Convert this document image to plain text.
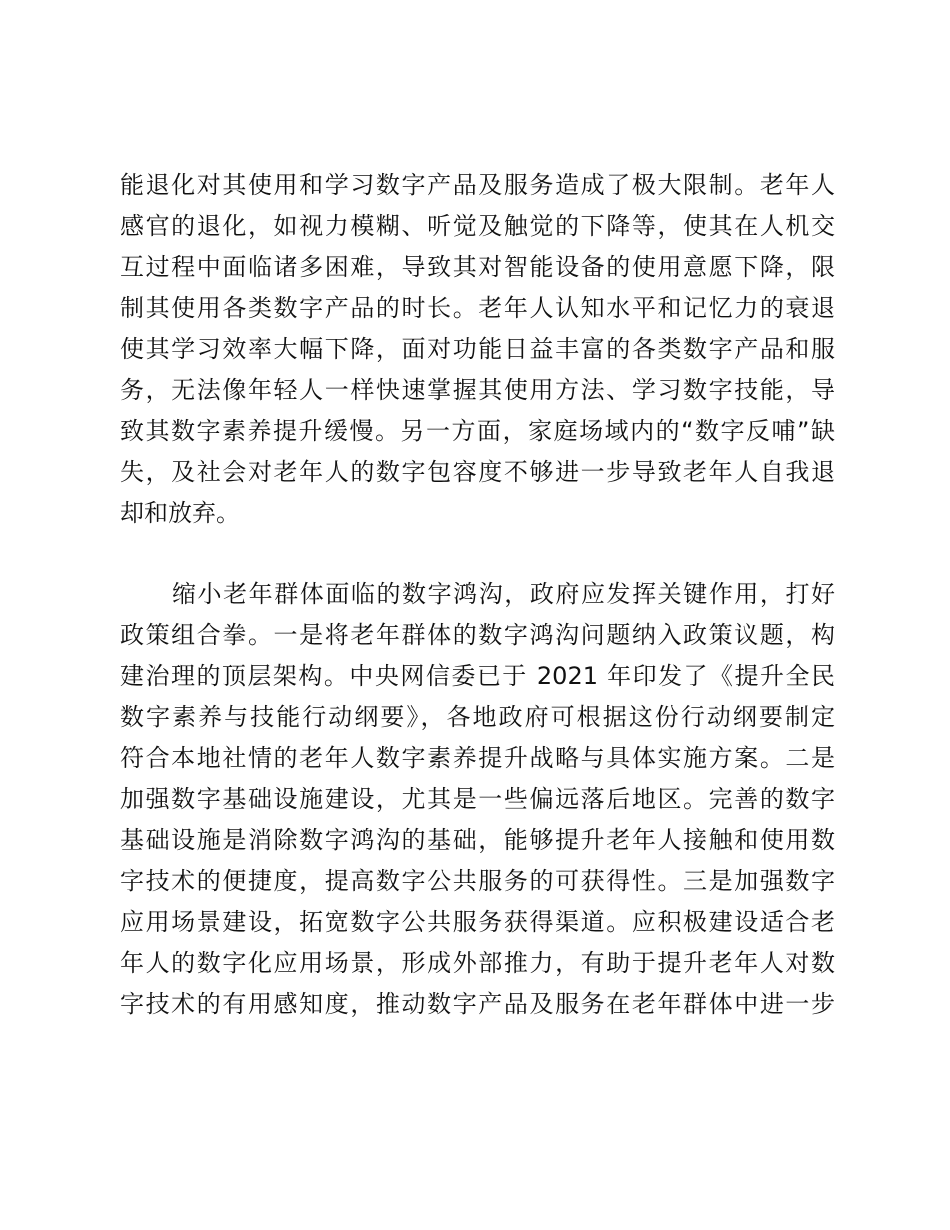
能退化对其使用和学习数字产品及服务造成了极大限制。老年人
感官的退化，如视力模糊、听觉及触觉的下降等，使其在人机交
互过程中面临诸多困难，导致其对智能设备的使用意愿下降，限
制其使用各类数字产品的时长。老年人认知水平和记忆力的衰退
使其学习效率大幅下降，面对功能日益丰富的各类数字产品和服
务，无法像年轻人一样快速掌握其使用方法、学习数字技能，导
致其数字素养提升缓慢。另一方面，家庭场域内的“数字反哺”缺
失，及社会对老年人的数字包容度不够进一步导致老年人自我退
却和放弃。
缩小老年群体面临的数字鸿沟，政府应发挥关键作用，打好
政策组合拳。一是将老年群体的数字鸿沟问题纳入政策议题，构
建治理的顶层架构。中央网信委已于 2021 年印发了《提升全民
数字素养与技能行动纲要》，各地政府可根据这份行动纲要制定
符合本地社情的老年人数字素养提升战略与具体实施方案。二是
加强数字基础设施建设，尤其是一些偏远落后地区。完善的数字
基础设施是消除数字鸿沟的基础，能够提升老年人接触和使用数
字技术的便捷度，提高数字公共服务的可获得性。三是加强数字
应用场景建设，拓宽数字公共服务获得渠道。应积极建设适合老
年人的数字化应用场景，形成外部推力，有助于提升老年人对数
字技术的有用感知度，推动数字产品及服务在老年群体中进一步
